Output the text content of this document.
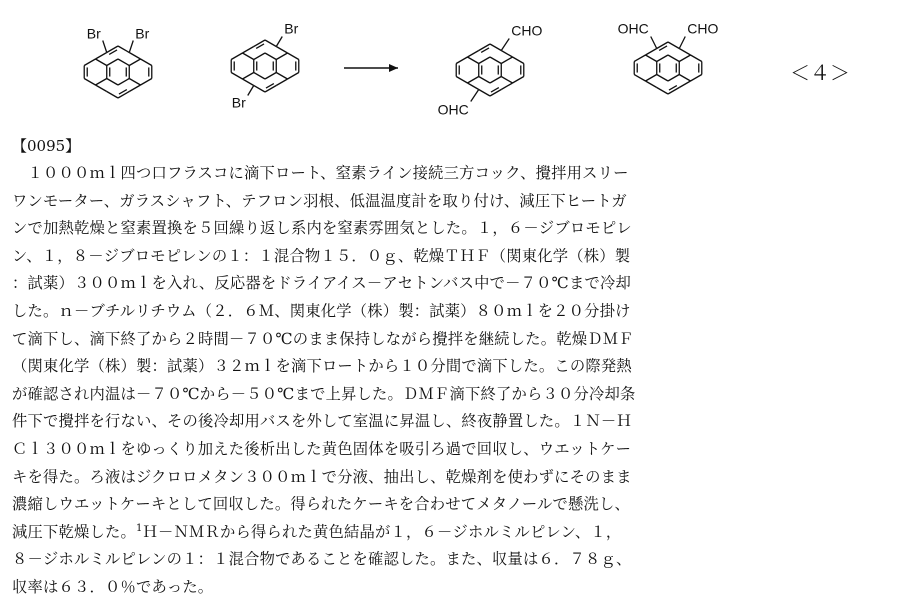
Br Br	Br
Br
CHO
OHC
OHC	CHO
＜４＞
【0095】
　１０００ｍｌ四つ口フラスコに滴下ロート、窒素ライン接続三方コック、攪拌用スリー
ワンモーター、ガラスシャフト、テフロン羽根、低温温度計を取り付け、減圧下ヒートガ
ンで加熱乾燥と窒素置換を５回繰り返し系内を窒素雰囲気とした。１，６－ジブロモピレ
ン、１，８－ジブロモピレンの１：１混合物１５．０ｇ、乾燥ＴＨＦ（関東化学（株）製
：試薬）３００ｍｌを入れ、反応器をドライアイス－アセトンバス中で－７０℃まで冷却
した。ｎ－ブチルリチウム（２．６Ｍ、関東化学（株）製：試薬）８０ｍｌを２０分掛け
て滴下し、滴下終了から２時間－７０℃のまま保持しながら攪拌を継続した。乾燥ＤＭＦ
（関東化学（株）製：試薬）３２ｍｌを滴下ロートから１０分間で滴下した。この際発熱
が確認され内温は－７０℃から－５０℃まで上昇した。ＤＭＦ滴下終了から３０分冷却条
件下で攪拌を行ない、その後冷却用バスを外して室温に昇温し、終夜静置した。１Ｎ－Ｈ
Ｃｌ３００ｍｌをゆっくり加えた後析出した黄色固体を吸引ろ過で回収し、ウエットケー
キを得た。ろ液はジクロロメタン３００ｍｌで分液、抽出し、乾燥剤を使わずにそのまま
濃縮しウエットケーキとして回収した。得られたケーキを合わせてメタノールで懸洗し、
減圧下乾燥した。$^1$Ｈ－ＮＭＲから得られた黄色結晶が１，６－ジホルミルピレン、１，
８－ジホルミルピレンの１：１混合物であることを確認した。また、収量は６．７８ｇ、
収率は６３．０％であった。
